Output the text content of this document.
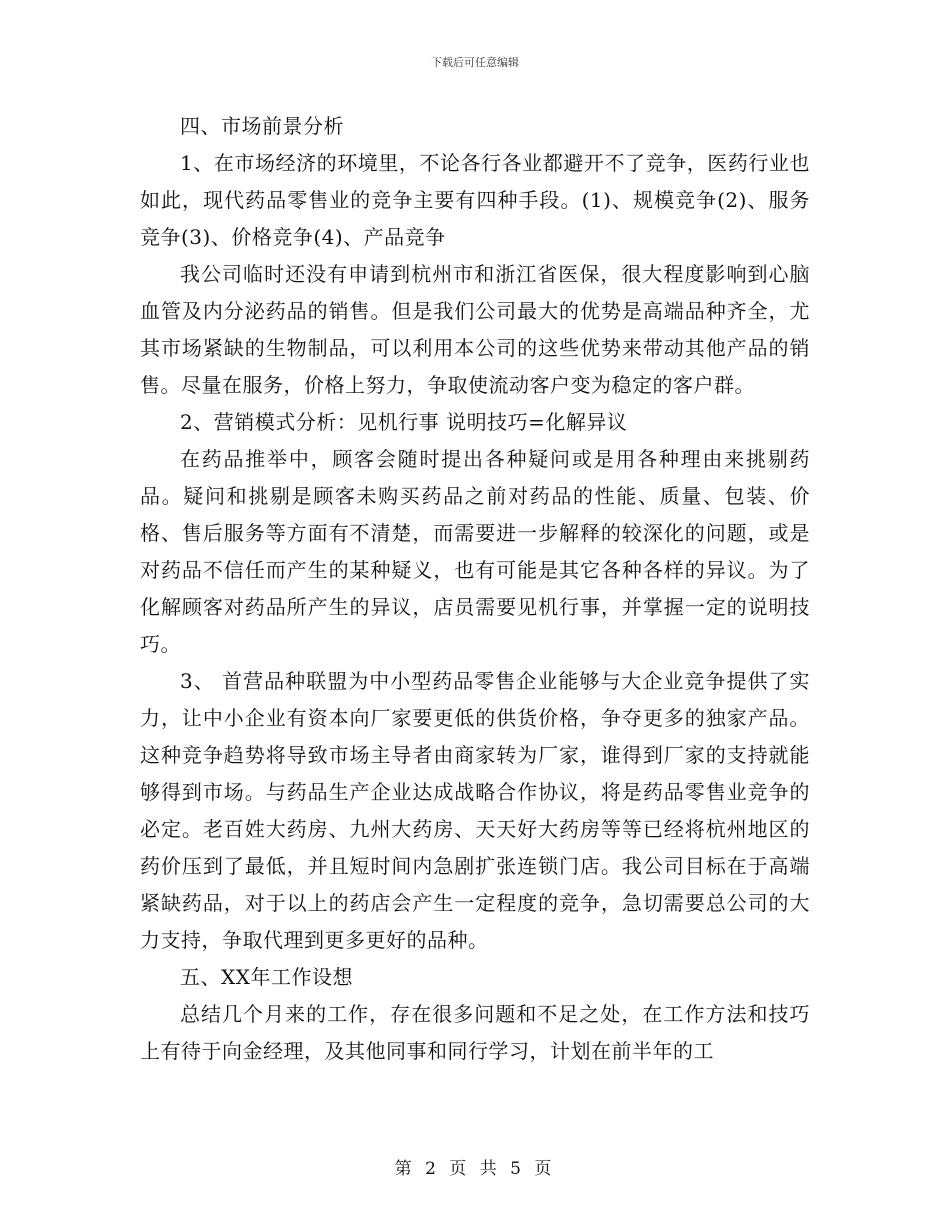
下载后可任意编辑

四、市场前景分析

1、在市场经济的环境里，不论各行各业都避开不了竞争，医药行业也如此，现代药品零售业的竞争主要有四种手段。(1)、规模竞争(2)、服务竞争(3)、价格竞争(4)、产品竞争

我公司临时还没有申请到杭州市和浙江省医保，很大程度影响到心脑血管及内分泌药品的销售。但是我们公司最大的优势是高端品种齐全，尤其市场紧缺的生物制品，可以利用本公司的这些优势来带动其他产品的销售。尽量在服务，价格上努力，争取使流动客户变为稳定的客户群。

2、营销模式分析：见机行事 说明技巧=化解异议

在药品推举中，顾客会随时提出各种疑问或是用各种理由来挑剔药品。疑问和挑剔是顾客未购买药品之前对药品的性能、质量、包装、价格、售后服务等方面有不清楚，而需要进一步解释的较深化的问题，或是对药品不信任而产生的某种疑义，也有可能是其它各种各样的异议。为了化解顾客对药品所产生的异议，店员需要见机行事，并掌握一定的说明技巧。

3、 首营品种联盟为中小型药品零售企业能够与大企业竞争提供了实力，让中小企业有资本向厂家要更低的供货价格，争夺更多的独家产品。这种竞争趋势将导致市场主导者由商家转为厂家，谁得到厂家的支持就能够得到市场。与药品生产企业达成战略合作协议，将是药品零售业竞争的必定。老百姓大药房、九州大药房、天天好大药房等等已经将杭州地区的药价压到了最低，并且短时间内急剧扩张连锁门店。我公司目标在于高端紧缺药品，对于以上的药店会产生一定程度的竞争，急切需要总公司的大力支持，争取代理到更多更好的品种。

五、XX年工作设想

总结几个月来的工作，存在很多问题和不足之处，在工作方法和技巧上有待于向金经理，及其他同事和同行学习，计划在前半年的工

第 2 页 共 5 页
